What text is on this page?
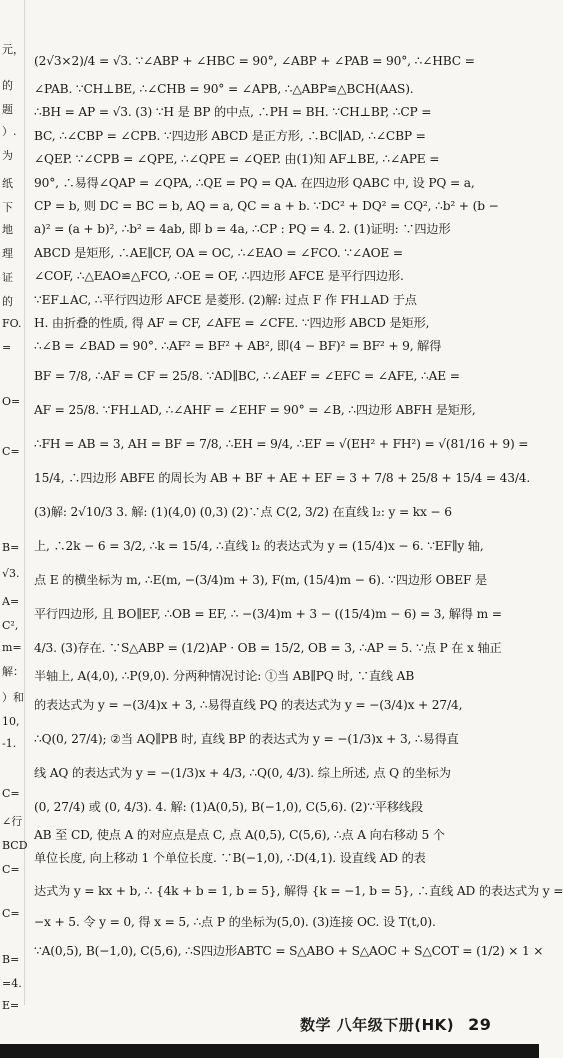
元，
的
题
）.
为
纸
下
地
理
证
的
FO.
=
O=
C=
B=
√3.
A=
C²,
m=
解：
）和
10,
-1.
C=
∠行
BCD
C=
C=
B=
=4.
E=
(2√3×2)/4 = √3. ∵∠ABP + ∠HBC = 90°, ∠ABP + ∠PAB = 90°, ∴∠HBC =
∠PAB. ∵CH⊥BE, ∴∠CHB = 90° = ∠APB, ∴△ABP≌△BCH(AAS).
∴BH = AP = √3. (3) ∵H 是 BP 的中点, ∴PH = BH. ∵CH⊥BP, ∴CP =
BC, ∴∠CBP = ∠CPB. ∵四边形 ABCD 是正方形, ∴BC∥AD, ∴∠CBP =
∠QEP. ∵∠CPB = ∠QPE, ∴∠QPE = ∠QEP. 由(1)知 AF⊥BE, ∴∠APE =
90°, ∴易得∠QAP = ∠QPA, ∴QE = PQ = QA. 在四边形 QABC 中, 设 PQ = a,
CP = b, 则 DC = BC = b, AQ = a, QC = a + b. ∵DC² + DQ² = CQ², ∴b² + (b −
a)² = (a + b)², ∴b² = 4ab, 即 b = 4a, ∴CP : PQ = 4. 2. (1)证明: ∵四边形
ABCD 是矩形, ∴AE∥CF, OA = OC, ∴∠EAO = ∠FCO. ∵∠AOE =
∠COF, ∴△EAO≌△FCO, ∴OE = OF, ∴四边形 AFCE 是平行四边形.
∵EF⊥AC, ∴平行四边形 AFCE 是菱形. (2)解: 过点 F 作 FH⊥AD 于点
H. 由折叠的性质, 得 AF = CF, ∠AFE = ∠CFE. ∵四边形 ABCD 是矩形,
∴∠B = ∠BAD = 90°. ∴AF² = BF² + AB², 即(4 − BF)² = BF² + 9, 解得
BF = 7/8, ∴AF = CF = 25/8. ∵AD∥BC, ∴∠AEF = ∠EFC = ∠AFE, ∴AE =
AF = 25/8. ∵FH⊥AD, ∴∠AHF = ∠EHF = 90° = ∠B, ∴四边形 ABFH 是矩形,
∴FH = AB = 3, AH = BF = 7/8, ∴EH = 9/4, ∴EF = √(EH² + FH²) = √(81/16 + 9) =
15/4, ∴四边形 ABFE 的周长为 AB + BF + AE + EF = 3 + 7/8 + 25/8 + 15/4 = 43/4.
(3)解: 2√10/3 3. 解: (1)(4,0) (0,3) (2)∵点 C(2, 3/2) 在直线 l₂: y = kx − 6
上, ∴2k − 6 = 3/2, ∴k = 15/4, ∴直线 l₂ 的表达式为 y = (15/4)x − 6. ∵EF∥y 轴,
点 E 的横坐标为 m, ∴E(m, −(3/4)m + 3), F(m, (15/4)m − 6). ∵四边形 OBEF 是
平行四边形, 且 BO∥EF, ∴OB = EF, ∴ −(3/4)m + 3 − ((15/4)m − 6) = 3, 解得 m =
4/3. (3)存在. ∵S△ABP = (1/2)AP · OB = 15/2, OB = 3, ∴AP = 5. ∵点 P 在 x 轴正
半轴上, A(4,0), ∴P(9,0). 分两种情况讨论: ①当 AB∥PQ 时, ∵直线 AB
的表达式为 y = −(3/4)x + 3, ∴易得直线 PQ 的表达式为 y = −(3/4)x + 27/4,
∴Q(0, 27/4); ②当 AQ∥PB 时, 直线 BP 的表达式为 y = −(1/3)x + 3, ∴易得直
线 AQ 的表达式为 y = −(1/3)x + 4/3, ∴Q(0, 4/3). 综上所述, 点 Q 的坐标为
(0, 27/4) 或 (0, 4/3). 4. 解: (1)A(0,5), B(−1,0), C(5,6). (2)∵平移线段
AB 至 CD, 使点 A 的对应点是点 C, 点 A(0,5), C(5,6), ∴点 A 向右移动 5 个
单位长度, 向上移动 1 个单位长度. ∵B(−1,0), ∴D(4,1). 设直线 AD 的表
达式为 y = kx + b, ∴ {4k + b = 1, b = 5}, 解得 {k = −1, b = 5}, ∴直线 AD 的表达式为 y =
−x + 5. 令 y = 0, 得 x = 5, ∴点 P 的坐标为(5,0). (3)连接 OC. 设 T(t,0).
∵A(0,5), B(−1,0), C(5,6), ∴S四边形ABTC = S△ABO + S△AOC + S△COT = (1/2) × 1 ×
数学 八年级下册(HK) 29
